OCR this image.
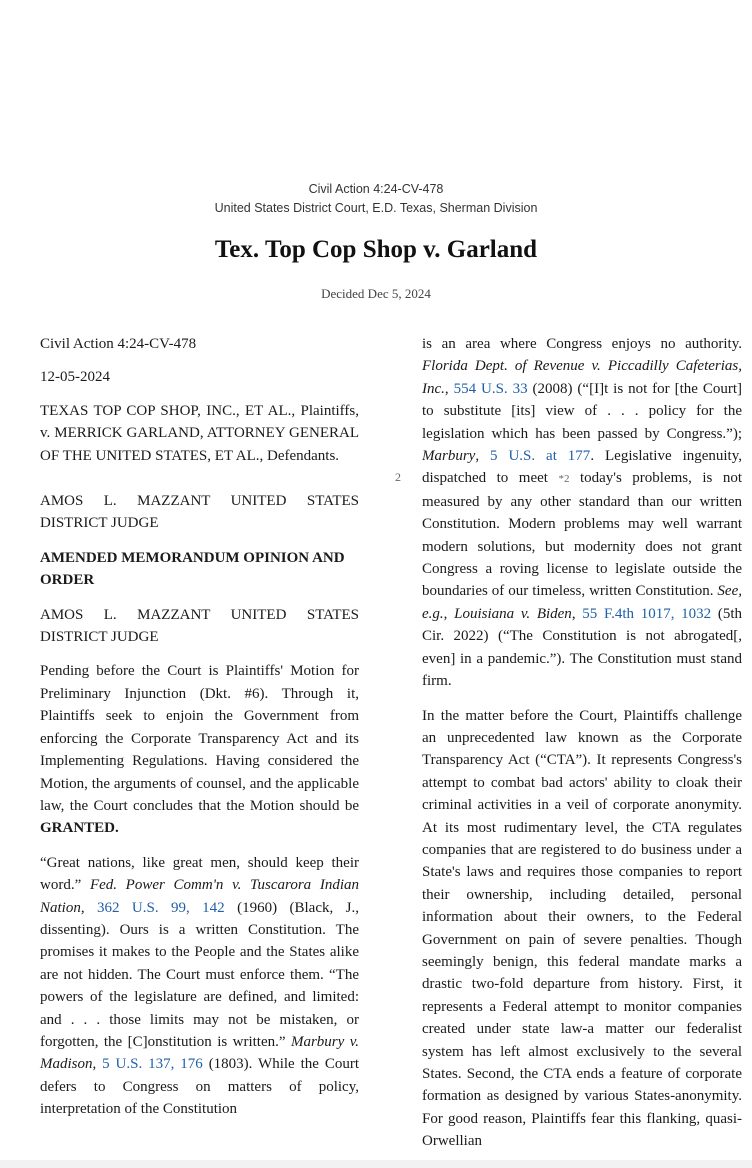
Civil Action 4:24-CV-478
United States District Court, E.D. Texas, Sherman Division
Tex. Top Cop Shop v. Garland
Decided Dec 5, 2024
Civil Action 4:24-CV-478
12-05-2024
TEXAS TOP COP SHOP, INC., ET AL., Plaintiffs, v. MERRICK GARLAND, ATTORNEY GENERAL OF THE UNITED STATES, ET AL., Defendants.
AMOS L. MAZZANT UNITED STATES DISTRICT JUDGE
AMENDED MEMORANDUM OPINION AND ORDER
AMOS L. MAZZANT UNITED STATES DISTRICT JUDGE
Pending before the Court is Plaintiffs' Motion for Preliminary Injunction (Dkt. #6). Through it, Plaintiffs seek to enjoin the Government from enforcing the Corporate Transparency Act and its Implementing Regulations. Having considered the Motion, the arguments of counsel, and the applicable law, the Court concludes that the Motion should be GRANTED.
“Great nations, like great men, should keep their word.” Fed. Power Comm'n v. Tuscarora Indian Nation, 362 U.S. 99, 142 (1960) (Black, J., dissenting). Ours is a written Constitution. The promises it makes to the People and the States alike are not hidden. The Court must enforce them. “The powers of the legislature are defined, and limited: and . . . those limits may not be mistaken, or forgotten, the [C]onstitution is written.” Marbury v. Madison, 5 U.S. 137, 176 (1803). While the Court defers to Congress on matters of policy, interpretation of the Constitution
2
is an area where Congress enjoys no authority. Florida Dept. of Revenue v. Piccadilly Cafeterias, Inc., 554 U.S. 33 (2008) (“[I]t is not for [the Court] to substitute [its] view of . . . policy for the legislation which has been passed by Congress.”); Marbury, 5 U.S. at 177. Legislative ingenuity, dispatched to meet *2 today's problems, is not measured by any other standard than our written Constitution. Modern problems may well warrant modern solutions, but modernity does not grant Congress a roving license to legislate outside the boundaries of our timeless, written Constitution. See, e.g., Louisiana v. Biden, 55 F.4th 1017, 1032 (5th Cir. 2022) (“The Constitution is not abrogated[, even] in a pandemic.”). The Constitution must stand firm.
In the matter before the Court, Plaintiffs challenge an unprecedented law known as the Corporate Transparency Act (“CTA”). It represents Congress's attempt to combat bad actors' ability to cloak their criminal activities in a veil of corporate anonymity. At its most rudimentary level, the CTA regulates companies that are registered to do business under a State's laws and requires those companies to report their ownership, including detailed, personal information about their owners, to the Federal Government on pain of severe penalties. Though seemingly benign, this federal mandate marks a drastic two-fold departure from history. First, it represents a Federal attempt to monitor companies created under state law-a matter our federalist system has left almost exclusively to the several States. Second, the CTA ends a feature of corporate formation as designed by various States-anonymity. For good reason, Plaintiffs fear this flanking, quasi-Orwellian
